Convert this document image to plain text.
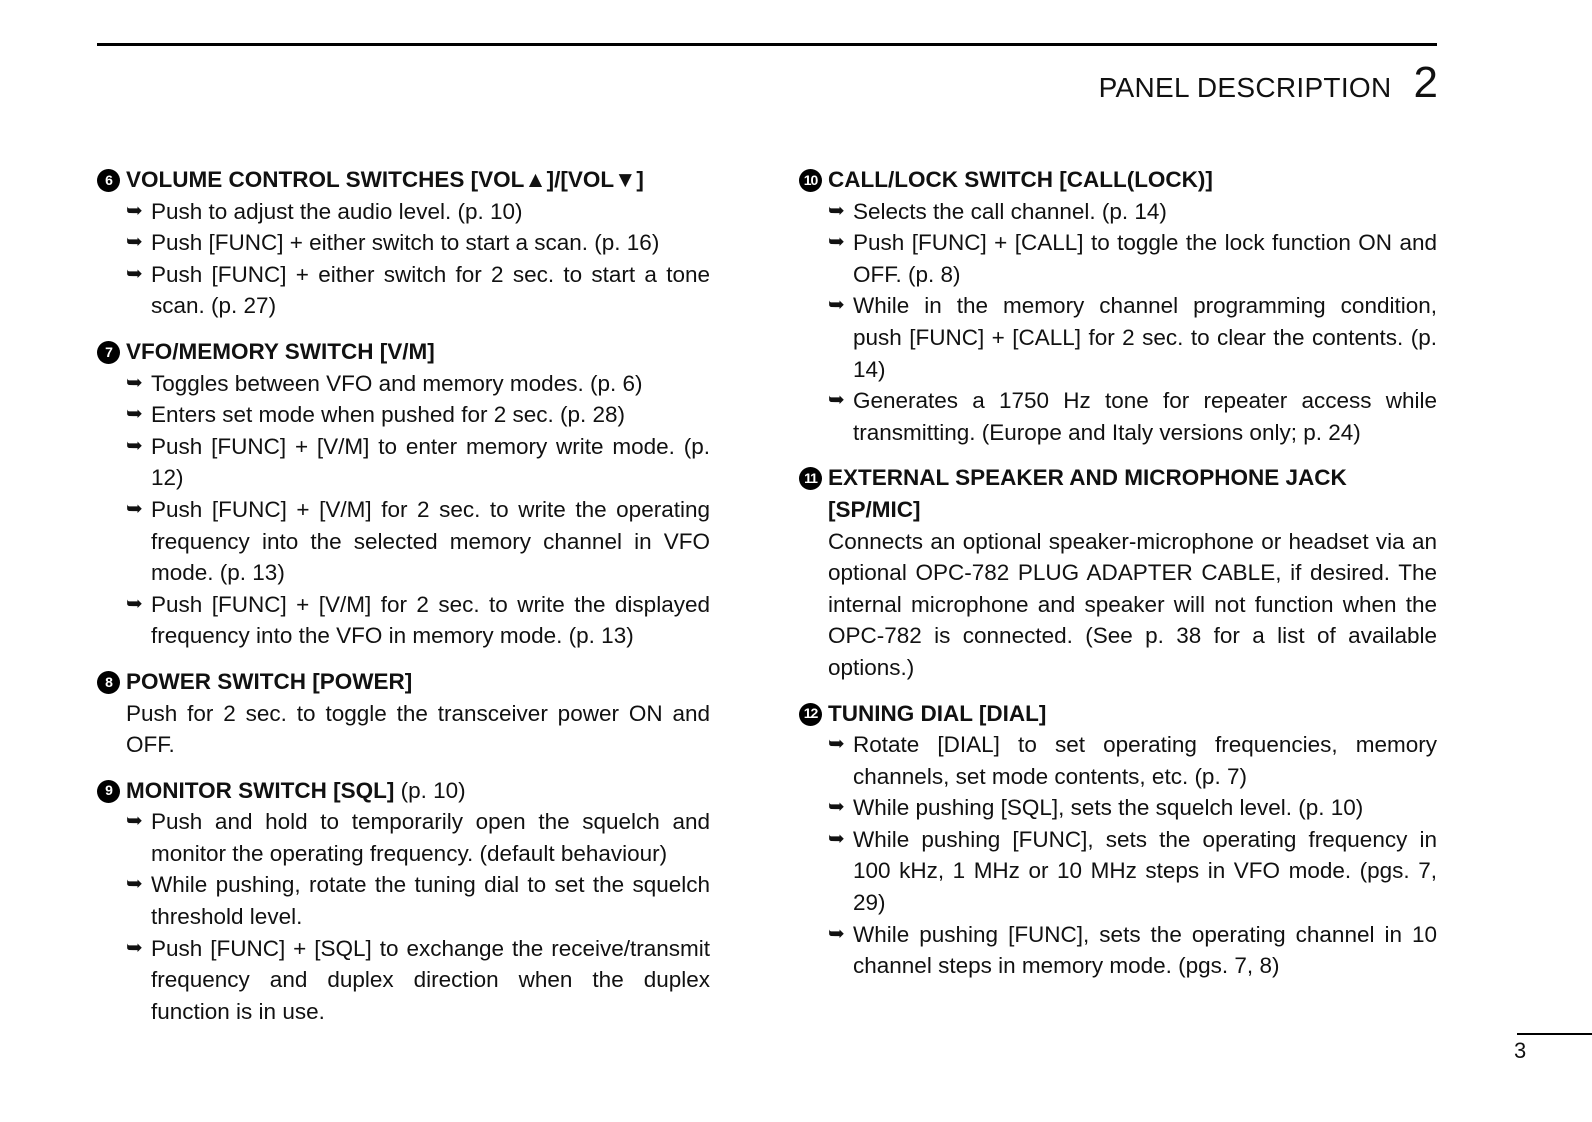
PANEL DESCRIPTION 2
6 VOLUME CONTROL SWITCHES [VOL▲]/[VOL▼]
➥ Push to adjust the audio level. (p. 10)
➥ Push [FUNC] + either switch to start a scan. (p. 16)
➥ Push [FUNC] + either switch for 2 sec. to start a tone scan. (p. 27)
7 VFO/MEMORY SWITCH [V/M]
➥ Toggles between VFO and memory modes. (p. 6)
➥ Enters set mode when pushed for 2 sec. (p. 28)
➥ Push [FUNC] + [V/M] to enter memory write mode. (p. 12)
➥ Push [FUNC] + [V/M] for 2 sec. to write the operating frequency into the selected memory channel in VFO mode. (p. 13)
➥ Push [FUNC] + [V/M] for 2 sec. to write the displayed frequency into the VFO in memory mode. (p. 13)
8 POWER SWITCH [POWER]
Push for 2 sec. to toggle the transceiver power ON and OFF.
9 MONITOR SWITCH [SQL] (p. 10)
➥ Push and hold to temporarily open the squelch and monitor the operating frequency. (default behaviour)
➥ While pushing, rotate the tuning dial to set the squelch threshold level.
➥ Push [FUNC] + [SQL] to exchange the receive/transmit frequency and duplex direction when the duplex function is in use.
10 CALL/LOCK SWITCH [CALL(LOCK)]
➥ Selects the call channel. (p. 14)
➥ Push [FUNC] + [CALL] to toggle the lock function ON and OFF. (p. 8)
➥ While in the memory channel programming condition, push [FUNC] + [CALL] for 2 sec. to clear the contents. (p. 14)
➥ Generates a 1750 Hz tone for repeater access while transmitting. (Europe and Italy versions only; p. 24)
11 EXTERNAL SPEAKER AND MICROPHONE JACK [SP/MIC]
Connects an optional speaker-microphone or headset via an optional OPC-782 PLUG ADAPTER CABLE, if desired. The internal microphone and speaker will not function when the OPC-782 is connected. (See p. 38 for a list of available options.)
12 TUNING DIAL [DIAL]
➥ Rotate [DIAL] to set operating frequencies, memory channels, set mode contents, etc. (p. 7)
➥ While pushing [SQL], sets the squelch level. (p. 10)
➥ While pushing [FUNC], sets the operating frequency in 100 kHz, 1 MHz or 10 MHz steps in VFO mode. (pgs. 7, 29)
➥ While pushing [FUNC], sets the operating channel in 10 channel steps in memory mode. (pgs. 7, 8)
3
